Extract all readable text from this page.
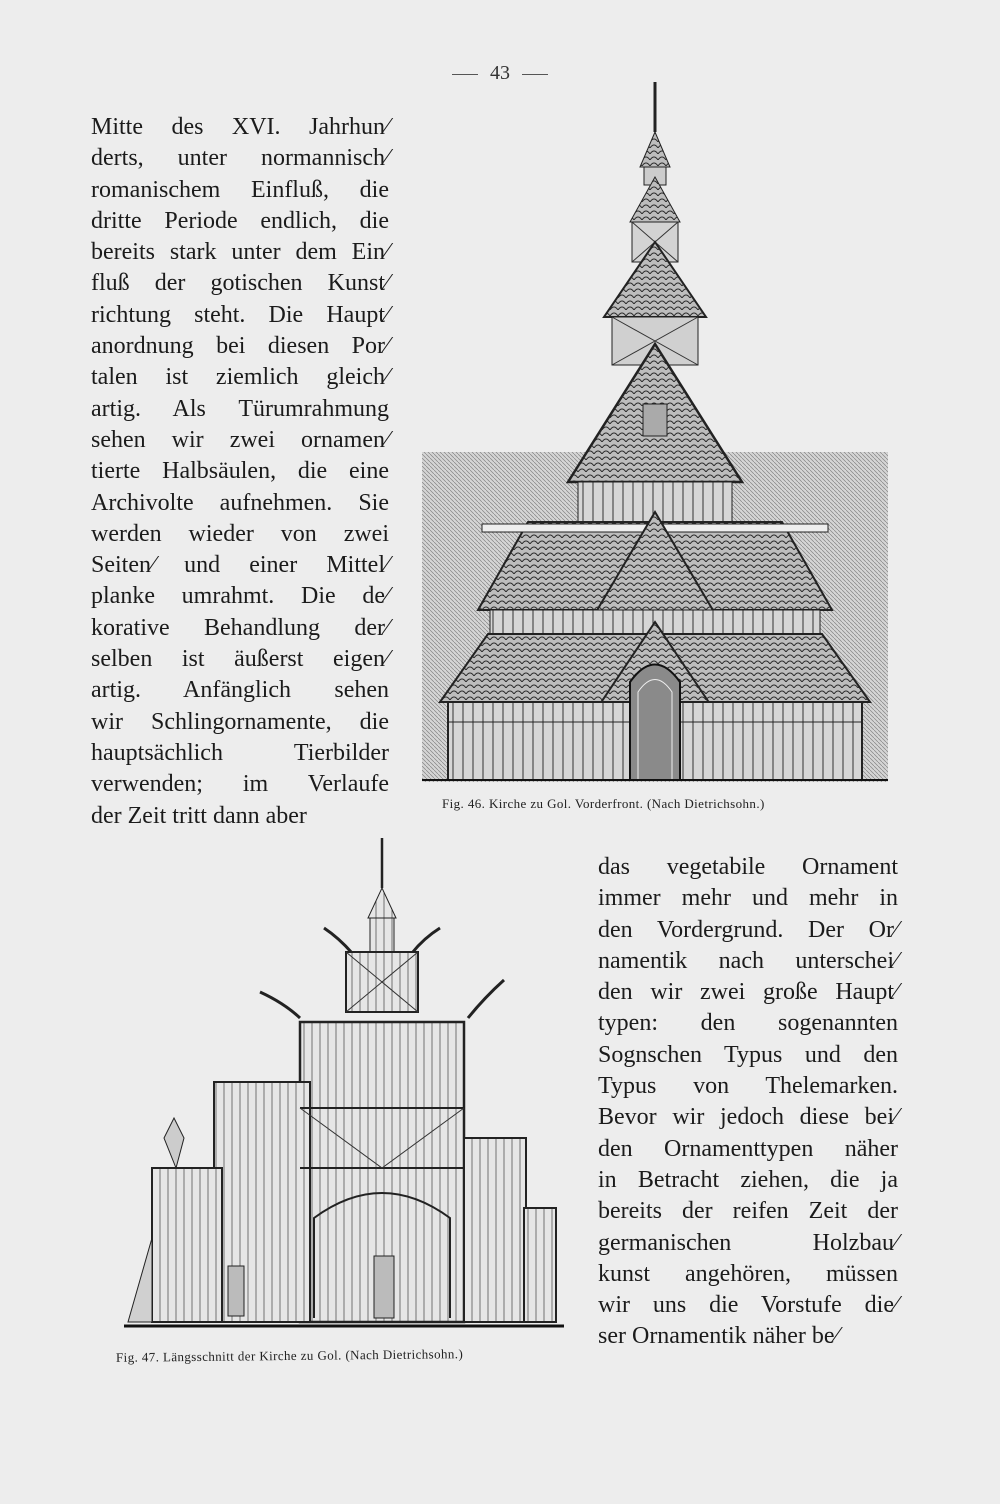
43
Mitte des XVI. Jahrhun⁄
derts, unter normannisch⁄
romanischem Einfluß, die
dritte Periode endlich, die
bereits stark unter dem Ein⁄
fluß der gotischen Kunst⁄
richtung steht. Die Haupt⁄
anordnung bei diesen Por⁄
talen ist ziemlich gleich⁄
artig. Als Türumrahmung
sehen wir zwei ornamen⁄
tierte Halbsäulen, die eine
Archivolte aufnehmen. Sie
werden wieder von zwei
Seiten⁄ und einer Mittel⁄
planke umrahmt. Die de⁄
korative Behandlung der⁄
selben ist äußerst eigen⁄
artig. Anfänglich sehen
wir Schlingornamente, die
hauptsächlich Tierbilder
verwenden; im Verlaufe
der Zeit tritt dann aber	Fig. 46. Kirche zu Gol. Vorderfront. (Nach Dietrichsohn.)
Fig. 47. Längsschnitt der Kirche zu Gol. (Nach Dietrichsohn.)
das vegetabile Ornament
immer mehr und mehr in
den Vordergrund. Der Or⁄
namentik nach unterschei⁄
den wir zwei große Haupt⁄
typen: den sogenannten
Sognschen Typus und den
Typus von Thelemarken.
Bevor wir jedoch diese bei⁄
den Ornamenttypen näher
in Betracht ziehen, die ja
bereits der reifen Zeit der
germanischen Holzbau⁄
kunst angehören, müssen
wir uns die Vorstufe die⁄
ser Ornamentik näher be⁄
